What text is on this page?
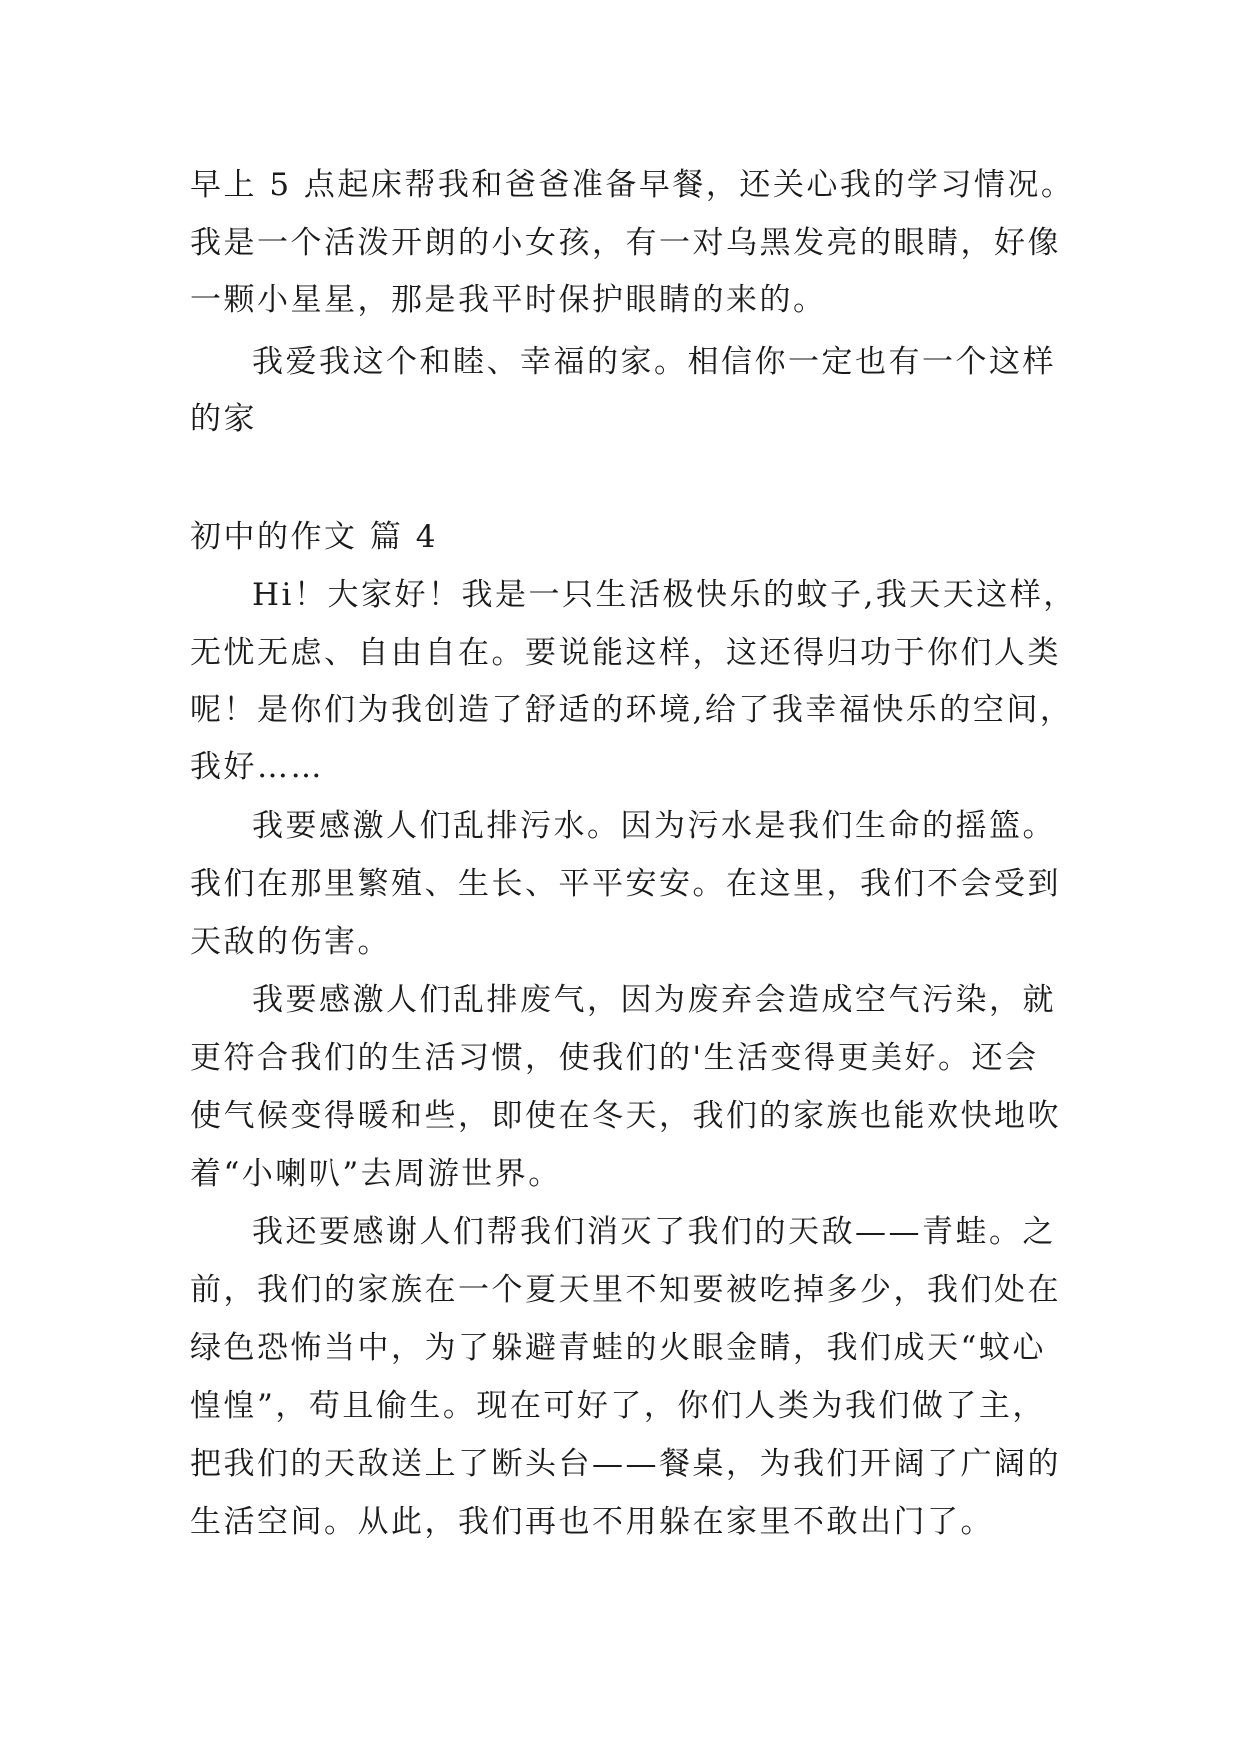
早上 5 点起床帮我和爸爸准备早餐，还关心我的学习情况。
我是一个活泼开朗的小女孩，有一对乌黑发亮的眼睛，好像
一颗小星星，那是我平时保护眼睛的来的。
我爱我这个和睦、幸福的家。相信你一定也有一个这样
的家
初中的作文 篇 4
Hi！大家好！我是一只生活极快乐的蚊子,我天天这样，
无忧无虑、自由自在。要说能这样，这还得归功于你们人类
呢！是你们为我创造了舒适的环境,给了我幸福快乐的空间，
我好……
我要感激人们乱排污水。因为污水是我们生命的摇篮。
我们在那里繁殖、生长、平平安安。在这里，我们不会受到
天敌的伤害。
我要感激人们乱排废气，因为废弃会造成空气污染，就
更符合我们的生活习惯，使我们的'生活变得更美好。还会
使气候变得暖和些，即使在冬天，我们的家族也能欢快地吹
着“小喇叭”去周游世界。
我还要感谢人们帮我们消灭了我们的天敌——青蛙。之
前，我们的家族在一个夏天里不知要被吃掉多少，我们处在
绿色恐怖当中，为了躲避青蛙的火眼金睛，我们成天“蚊心
惶惶”，苟且偷生。现在可好了，你们人类为我们做了主，
把我们的天敌送上了断头台——餐桌，为我们开阔了广阔的
生活空间。从此，我们再也不用躲在家里不敢出门了。
